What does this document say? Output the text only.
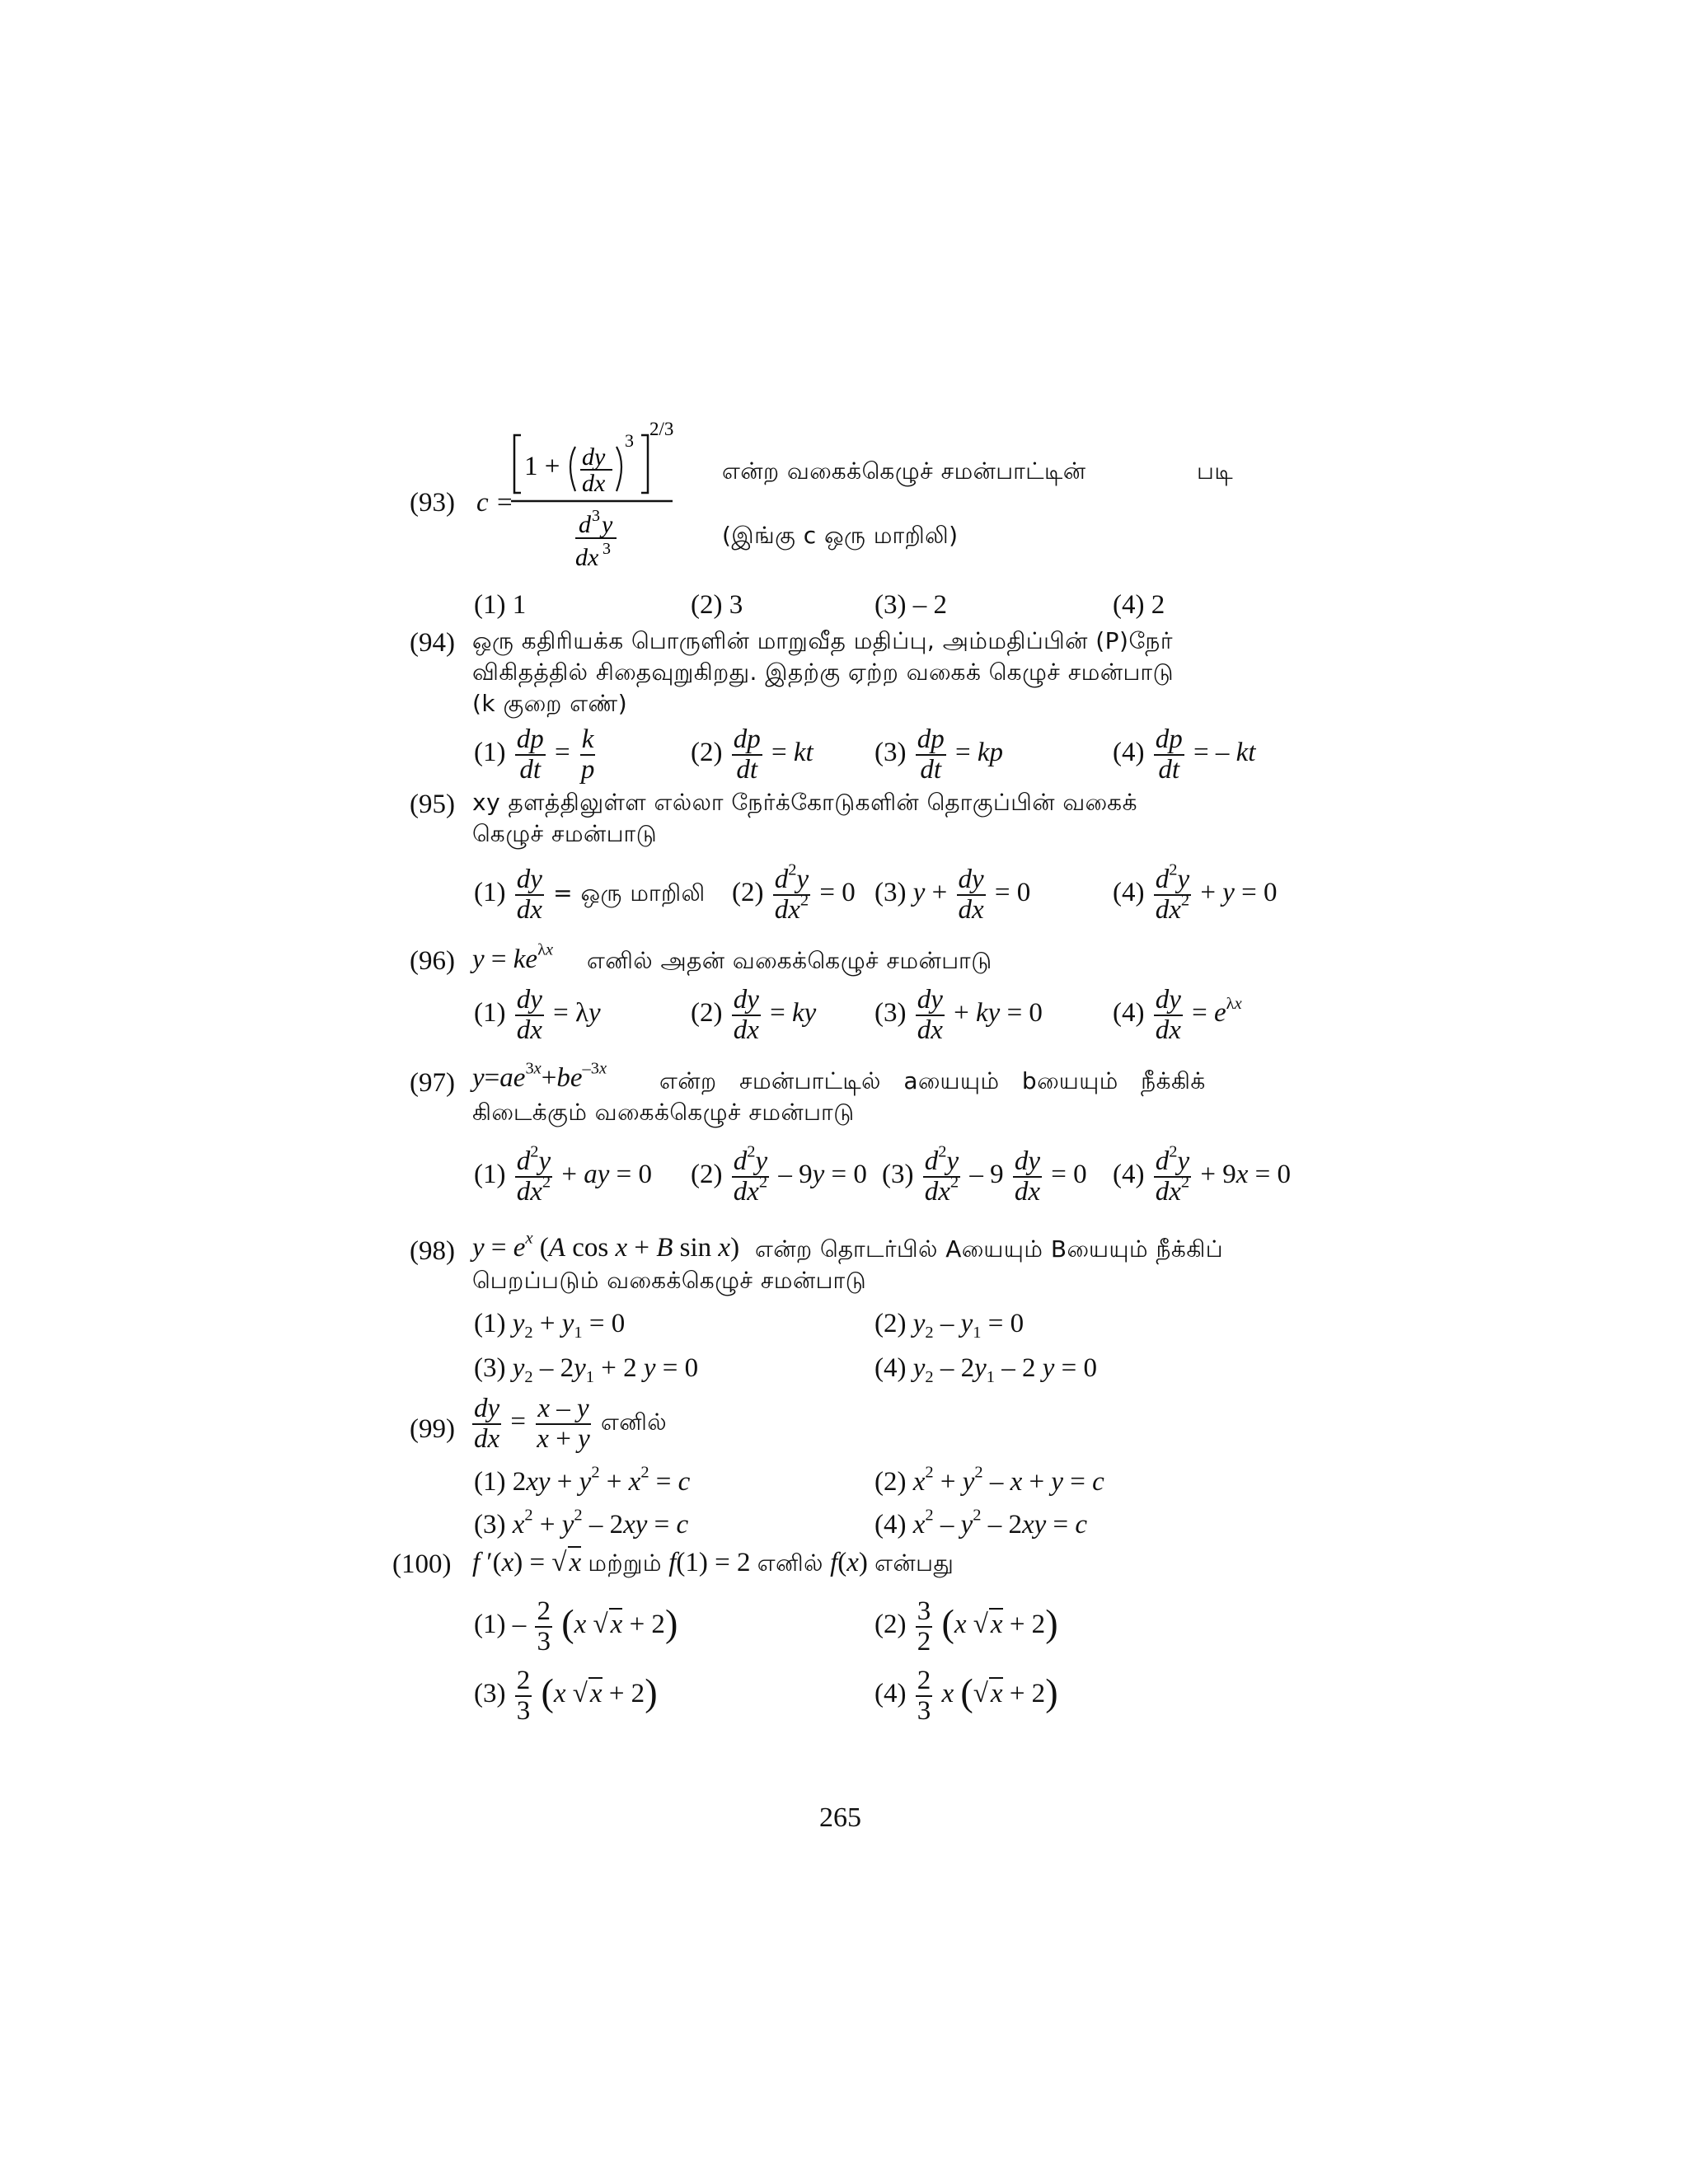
(93) c =
1 + dy
dx
3
2/3
d 3 y
dx 3
என்ற வகைக்கெழுச் சமன்பாட்டின்	படி
(இங்கு c ஒரு மாறிலி)
(1) 1	(2) 3	(3) – 2	(4) 2
(94) ஒரு கதிரியக்க பொருளின் மாறுவீத மதிப்பு, அம்மதிப்பின் (P)நேர்
விகிதத்தில் சிதைவுறுகிறது. இதற்கு ஏற்ற வகைக் கெழுச் சமன்பாடு
(k குறை எண்)
$(1) \frac{dp}{dt} = \frac{k}{p}$	$(2) \frac{dp}{dt}$ = kt $(3) \frac{dp}{dt}$ = kp	$(4) \frac{dp}{dt}$ = – kt
(95) xy தளத்திலுள்ள எல்லா நேர்க்கோடுகளின் தொகுப்பின் வகைக்
கெழுச் சமன்பாடு
$(1) \frac{dy}{dx}$ = ஒரு மாறிலி $(2) \frac{d^2y}{dx^2} = 0$ (3) $y + \frac{dy}{dx} = 0$	$(4) \frac{d^2y}{dx^2} + y = 0$
(96) $y = ke^{\lambda x}$ எனில் அதன் வகைக்கெழுச் சமன்பாடு
$(1) \frac{dy}{dx} = \lambda y$	$(2) \frac{dy}{dx}$ = ky $(3) \frac{dy}{dx}$ + ky = 0	$(4) \frac{dy}{dx} = e^{\lambda x}$
(97) $y=ae^{3x}+be^{-3x}$ என்ற சமன்பாட்டில் aயையும் bயையும் நீக்கிக்
கிடைக்கும் வகைக்கெழுச் சமன்பாடு
$(1) \frac{d^2y}{dx^2}$ + ay = 0 $(2) \frac{d^2y}{dx^2} - 9y = 0$ $(3) \frac{d^2y}{dx^2} - 9 \frac{dy}{dx} = 0$ $(4) \frac{d^2y}{dx^2} + 9x = 0$
(98) $y = e^x$ (A cos x + B sin x) என்ற தொடர்பில் Aயையும் Bயையும் நீக்கிப்
பெறப்படும் வகைக்கெழுச் சமன்பாடு
(1) $y_2 + y_1 = 0$	(2) $y_2 - y_1 = 0$
(3) $y_2 - 2y_1 + 2$ y = 0	(4) $y_2 - 2y_1 - 2$ y = 0
$(99) \frac{dy}{dx} = \frac{x - y}{x + y}$ எனில்
(1) $2xy + y^2 + x^2 = c$	(2) $x^2 + y^2 - x + y = c$
(3) $x^2 + y^2 - 2xy = c$	(4) $x^2 - y^2 - 2xy = c$
(100) f ′(x) = √x மற்றும் f(1) = 2 எனில் f(x) என்பது
$(1) - \frac{2}{3} (x$ √x + 2)	$(2) \frac{3}{2} (x$ √x + 2)
$(3) \frac{2}{3} (x$ √x + 2)	$(4) \frac{2}{3}$ x (√x + 2)
265
